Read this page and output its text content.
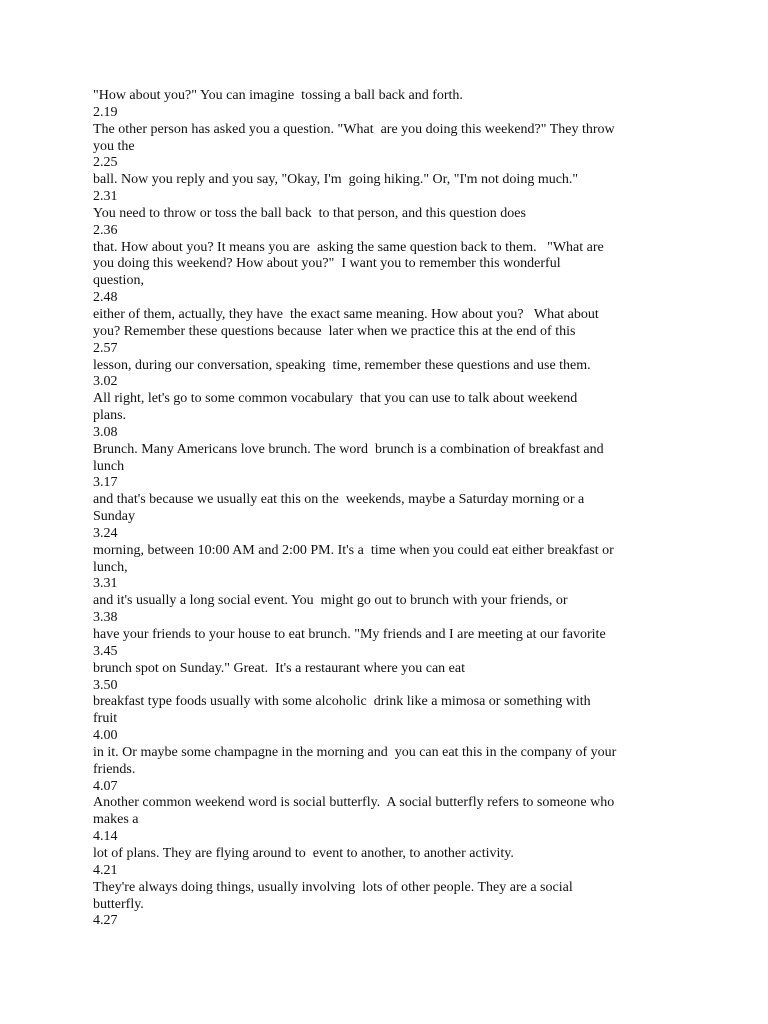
"How about you?" You can imagine  tossing a ball back and forth.
2.19
The other person has asked you a question. "What  are you doing this weekend?" They throw
you the
2.25
ball. Now you reply and you say, "Okay, I'm  going hiking." Or, "I'm not doing much."
2.31
You need to throw or toss the ball back  to that person, and this question does
2.36
that. How about you? It means you are  asking the same question back to them.   "What are
you doing this weekend? How about you?"  I want you to remember this wonderful
question,
2.48
either of them, actually, they have  the exact same meaning. How about you?   What about
you? Remember these questions because  later when we practice this at the end of this
2.57
lesson, during our conversation, speaking  time, remember these questions and use them.
3.02
All right, let's go to some common vocabulary  that you can use to talk about weekend
plans.
3.08
Brunch. Many Americans love brunch. The word  brunch is a combination of breakfast and
lunch
3.17
and that's because we usually eat this on the  weekends, maybe a Saturday morning or a
Sunday
3.24
morning, between 10:00 AM and 2:00 PM. It's a  time when you could eat either breakfast or
lunch,
3.31
and it's usually a long social event. You  might go out to brunch with your friends, or
3.38
have your friends to your house to eat brunch. "My friends and I are meeting at our favorite
3.45
brunch spot on Sunday." Great.  It's a restaurant where you can eat
3.50
breakfast type foods usually with some alcoholic  drink like a mimosa or something with
fruit
4.00
in it. Or maybe some champagne in the morning and  you can eat this in the company of your
friends.
4.07
Another common weekend word is social butterfly.  A social butterfly refers to someone who
makes a
4.14
lot of plans. They are flying around to  event to another, to another activity.
4.21
They're always doing things, usually involving  lots of other people. They are a social
butterfly.
4.27
